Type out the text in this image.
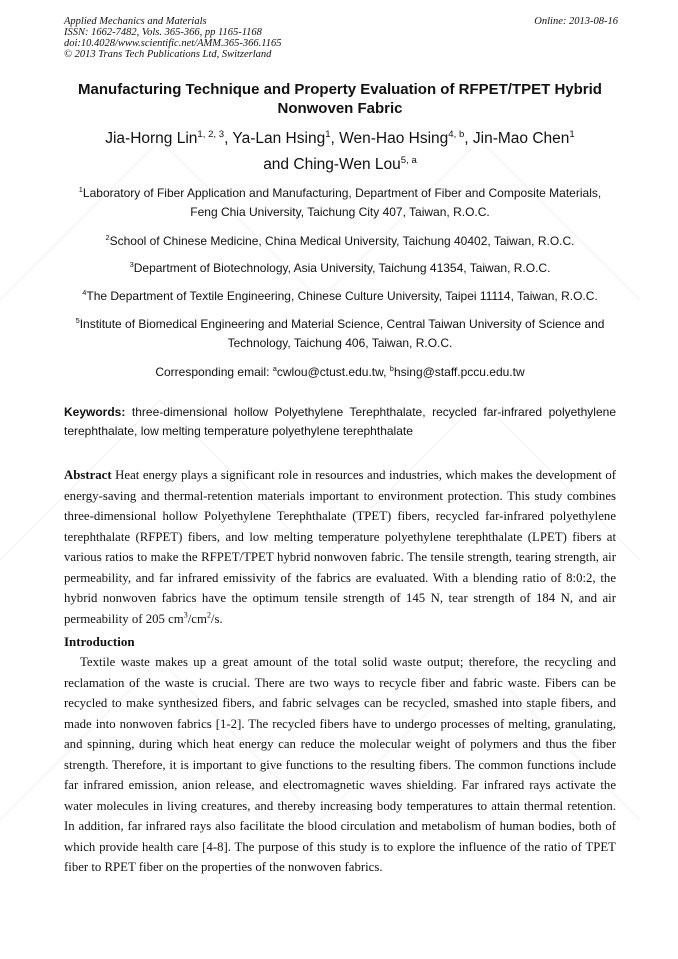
Applied Mechanics and Materials
ISSN: 1662-7482, Vols. 365-366, pp 1165-1168
doi:10.4028/www.scientific.net/AMM.365-366.1165
© 2013 Trans Tech Publications Ltd, Switzerland
Online: 2013-08-16
Manufacturing Technique and Property Evaluation of RFPET/TPET Hybrid Nonwoven Fabric
Jia-Horng Lin$^{1, 2, 3}$, Ya-Lan Hsing$^1$, Wen-Hao Hsing$^{4, b}$, Jin-Mao Chen$^1$
and Ching-Wen Lou$^{5, a}$
$^1$Laboratory of Fiber Application and Manufacturing, Department of Fiber and Composite Materials, Feng Chia University, Taichung City 407, Taiwan, R.O.C.
$^2$School of Chinese Medicine, China Medical University, Taichung 40402, Taiwan, R.O.C.
$^3$Department of Biotechnology, Asia University, Taichung 41354, Taiwan, R.O.C.
$^4$The Department of Textile Engineering, Chinese Culture University, Taipei 11114, Taiwan, R.O.C.
$^5$Institute of Biomedical Engineering and Material Science, Central Taiwan University of Science and Technology, Taichung 406, Taiwan, R.O.C.
Corresponding email: $^a$cwlou@ctust.edu.tw, $^b$hsing@staff.pccu.edu.tw
Keywords: three-dimensional hollow Polyethylene Terephthalate, recycled far-infrared polyethylene terephthalate, low melting temperature polyethylene terephthalate
Abstract Heat energy plays a significant role in resources and industries, which makes the development of energy-saving and thermal-retention materials important to environment protection. This study combines three-dimensional hollow Polyethylene Terephthalate (TPET) fibers, recycled far-infrared polyethylene terephthalate (RFPET) fibers, and low melting temperature polyethylene terephthalate (LPET) fibers at various ratios to make the RFPET/TPET hybrid nonwoven fabric. The tensile strength, tearing strength, air permeability, and far infrared emissivity of the fabrics are evaluated. With a blending ratio of 8:0:2, the hybrid nonwoven fabrics have the optimum tensile strength of 145 N, tear strength of 184 N, and air permeability of 205 $cm^3/cm^2/s$.
Introduction
Textile waste makes up a great amount of the total solid waste output; therefore, the recycling and reclamation of the waste is crucial. There are two ways to recycle fiber and fabric waste. Fibers can be recycled to make synthesized fibers, and fabric selvages can be recycled, smashed into staple fibers, and made into nonwoven fabrics [1-2]. The recycled fibers have to undergo processes of melting, granulating, and spinning, during which heat energy can reduce the molecular weight of polymers and thus the fiber strength. Therefore, it is important to give functions to the resulting fibers. The common functions include far infrared emission, anion release, and electromagnetic waves shielding. Far infrared rays activate the water molecules in living creatures, and thereby increasing body temperatures to attain thermal retention. In addition, far infrared rays also facilitate the blood circulation and metabolism of human bodies, both of which provide health care [4-8]. The purpose of this study is to explore the influence of the ratio of TPET fiber to RPET fiber on the properties of the nonwoven fabrics.
